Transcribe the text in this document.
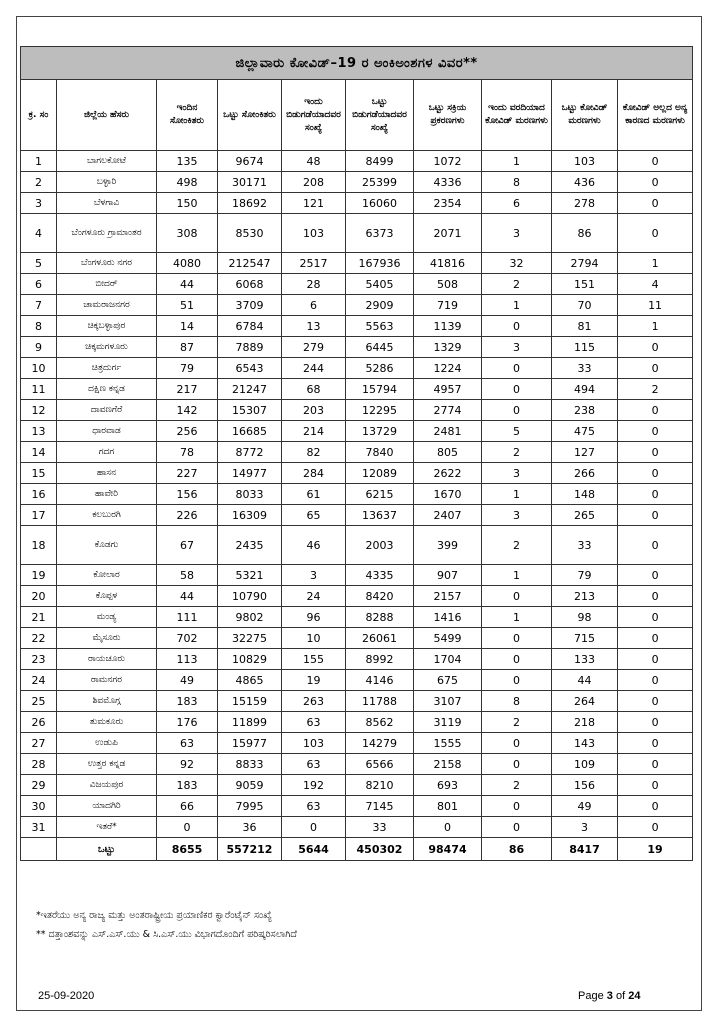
ಜಿಲ್ಲಾವಾರು ಕೋವಿಡ್–19 ರ ಅಂಕಿಅಂಶಗಳ ವಿವರ**									
ಕ್ರ. ಸಂ	ಜಿಲ್ಲೆಯ ಹೆಸರು	ಇಂದಿನ ಸೋಂಕಿತರು	ಒಟ್ಟು ಸೋಂಕಿತರು	ಇಂದು ಬಿಡುಗಡೆಯಾದವರ ಸಂಖ್ಯೆ	ಒಟ್ಟು ಬಿಡುಗಡೆಯಾದವರ ಸಂಖ್ಯೆ	ಒಟ್ಟು ಸಕ್ರಿಯ ಪ್ರಕರಣಗಳು	ಇಂದು ವರದಿಯಾದ ಕೋವಿಡ್ ಮರಣಗಳು	ಒಟ್ಟು ಕೋವಿಡ್ ಮರಣಗಳು	ಕೋವಿಡ್ ಅಲ್ಲದ ಅನ್ಯ ಕಾರಣದ ಮರಣಗಳು
1	ಬಾಗಲಕೋಟೆ	135	9674	48	8499	1072	1	103	0
2	ಬಳ್ಳಾರಿ	498	30171	208	25399	4336	8	436	0
3	ಬೆಳಗಾವಿ	150	18692	121	16060	2354	6	278	0
4	ಬೆಂಗಳೂರು ಗ್ರಾಮಾಂತರ	308	8530	103	6373	2071	3	86	0
5	ಬೆಂಗಳೂರು ನಗರ	4080	212547	2517	167936	41816	32	2794	1
6	ಬೀದರ್	44	6068	28	5405	508	2	151	4
7	ಚಾಮರಾಜನಗರ	51	3709	6	2909	719	1	70	11
8	ಚಿಕ್ಕಬಳ್ಳಾಪುರ	14	6784	13	5563	1139	0	81	1
9	ಚಿಕ್ಕಮಗಳೂರು	87	7889	279	6445	1329	3	115	0
10	ಚಿತ್ರದುರ್ಗ	79	6543	244	5286	1224	0	33	0
11	ದಕ್ಷಿಣ ಕನ್ನಡ	217	21247	68	15794	4957	0	494	2
12	ದಾವಣಗೆರೆ	142	15307	203	12295	2774	0	238	0
13	ಧಾರವಾಡ	256	16685	214	13729	2481	5	475	0
14	ಗದಗ	78	8772	82	7840	805	2	127	0
15	ಹಾಸನ	227	14977	284	12089	2622	3	266	0
16	ಹಾವೇರಿ	156	8033	61	6215	1670	1	148	0
17	ಕಲಬುರಗಿ	226	16309	65	13637	2407	3	265	0
18	ಕೊಡಗು	67	2435	46	2003	399	2	33	0
19	ಕೋಲಾರ	58	5321	3	4335	907	1	79	0
20	ಕೊಪ್ಪಳ	44	10790	24	8420	2157	0	213	0
21	ಮಂಡ್ಯ	111	9802	96	8288	1416	1	98	0
22	ಮೈಸೂರು	702	32275	10	26061	5499	0	715	0
23	ರಾಯಚೂರು	113	10829	155	8992	1704	0	133	0
24	ರಾಮನಗರ	49	4865	19	4146	675	0	44	0
25	ಶಿವಮೊಗ್ಗ	183	15159	263	11788	3107	8	264	0
26	ತುಮಕೂರು	176	11899	63	8562	3119	2	218	0
27	ಉಡುಪಿ	63	15977	103	14279	1555	0	143	0
28	ಉತ್ತರ ಕನ್ನಡ	92	8833	63	6566	2158	0	109	0
29	ವಿಜಯಪುರ	183	9059	192	8210	693	2	156	0
30	ಯಾದಗಿರಿ	66	7995	63	7145	801	0	49	0
31	ಇತರೆ*	0	36	0	33	0	0	3	0
	ಒಟ್ಟು	8655	557212	5644	450302	98474	86	8417	19
*ಇತರೆಯು ಅನ್ಯ ರಾಜ್ಯ ಮತ್ತು ಅಂತರಾಷ್ಟ್ರೀಯ ಪ್ರಯಾಣಿಕರ ಕ್ವಾರೆಂಟೈನ್ ಸಂಖ್ಯೆ
** ದತ್ತಾಂಶವನ್ನು ಎಸ್.ಎಸ್.ಯು & ಸಿ.ಎಸ್.ಯು ವಿಭಾಗದೊಂದಿಗೆ ಪರಿಷ್ಕರಿಸಲಾಗಿದೆ
25-09-2020	Page 3 of 24
